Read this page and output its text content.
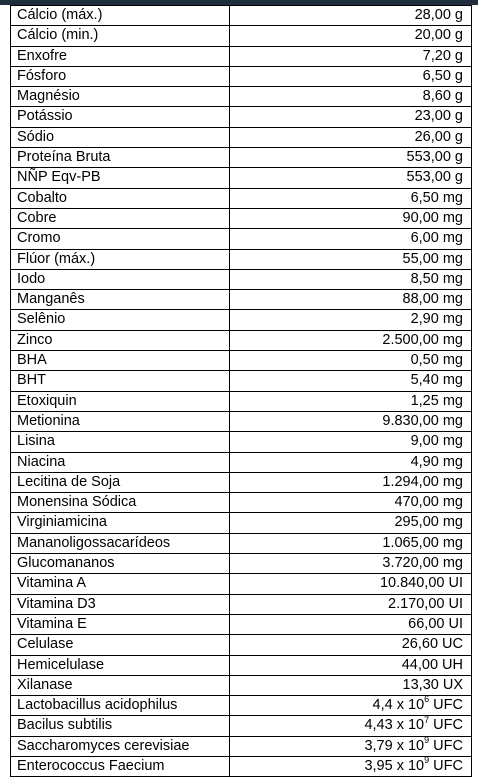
Cálcio (máx.)	28,00 g
Cálcio (min.)	20,00 g
Enxofre	7,20 g
Fósforo	6,50 g
Magnésio	8,60 g
Potássio	23,00 g
Sódio	26,00 g
Proteína Bruta	553,00 g
NÑP Eqv-PB	553,00 g
Cobalto	6,50 mg
Cobre	90,00 mg
Cromo	6,00 mg
Flúor (máx.)	55,00 mg
Iodo	8,50 mg
Manganês	88,00 mg
Selênio	2,90 mg
Zinco	2.500,00 mg
BHA	0,50 mg
BHT	5,40 mg
Etoxiquin	1,25 mg
Metionina	9.830,00 mg
Lisina	9,00 mg
Niacina	4,90 mg
Lecitina de Soja	1.294,00 mg
Monensina Sódica	470,00 mg
Virginiamicina	295,00 mg
Mananoligossacarídeos	1.065,00 mg
Glucomananos	3.720,00 mg
Vitamina A	10.840,00 UI
Vitamina D3	2.170,00 UI
Vitamina E	66,00 UI
Celulase	26,60 UC
Hemicelulase	44,00 UH
Xilanase	13,30 UX
Lactobacillus acidophilus	4,4 x $10^6$ UFC
Bacilus subtilis	4,43 x $10^7$ UFC
Saccharomyces cerevisiae	3,79 x $10^9$ UFC
Enterococcus Faecium	3,95 x $10^9$ UFC
